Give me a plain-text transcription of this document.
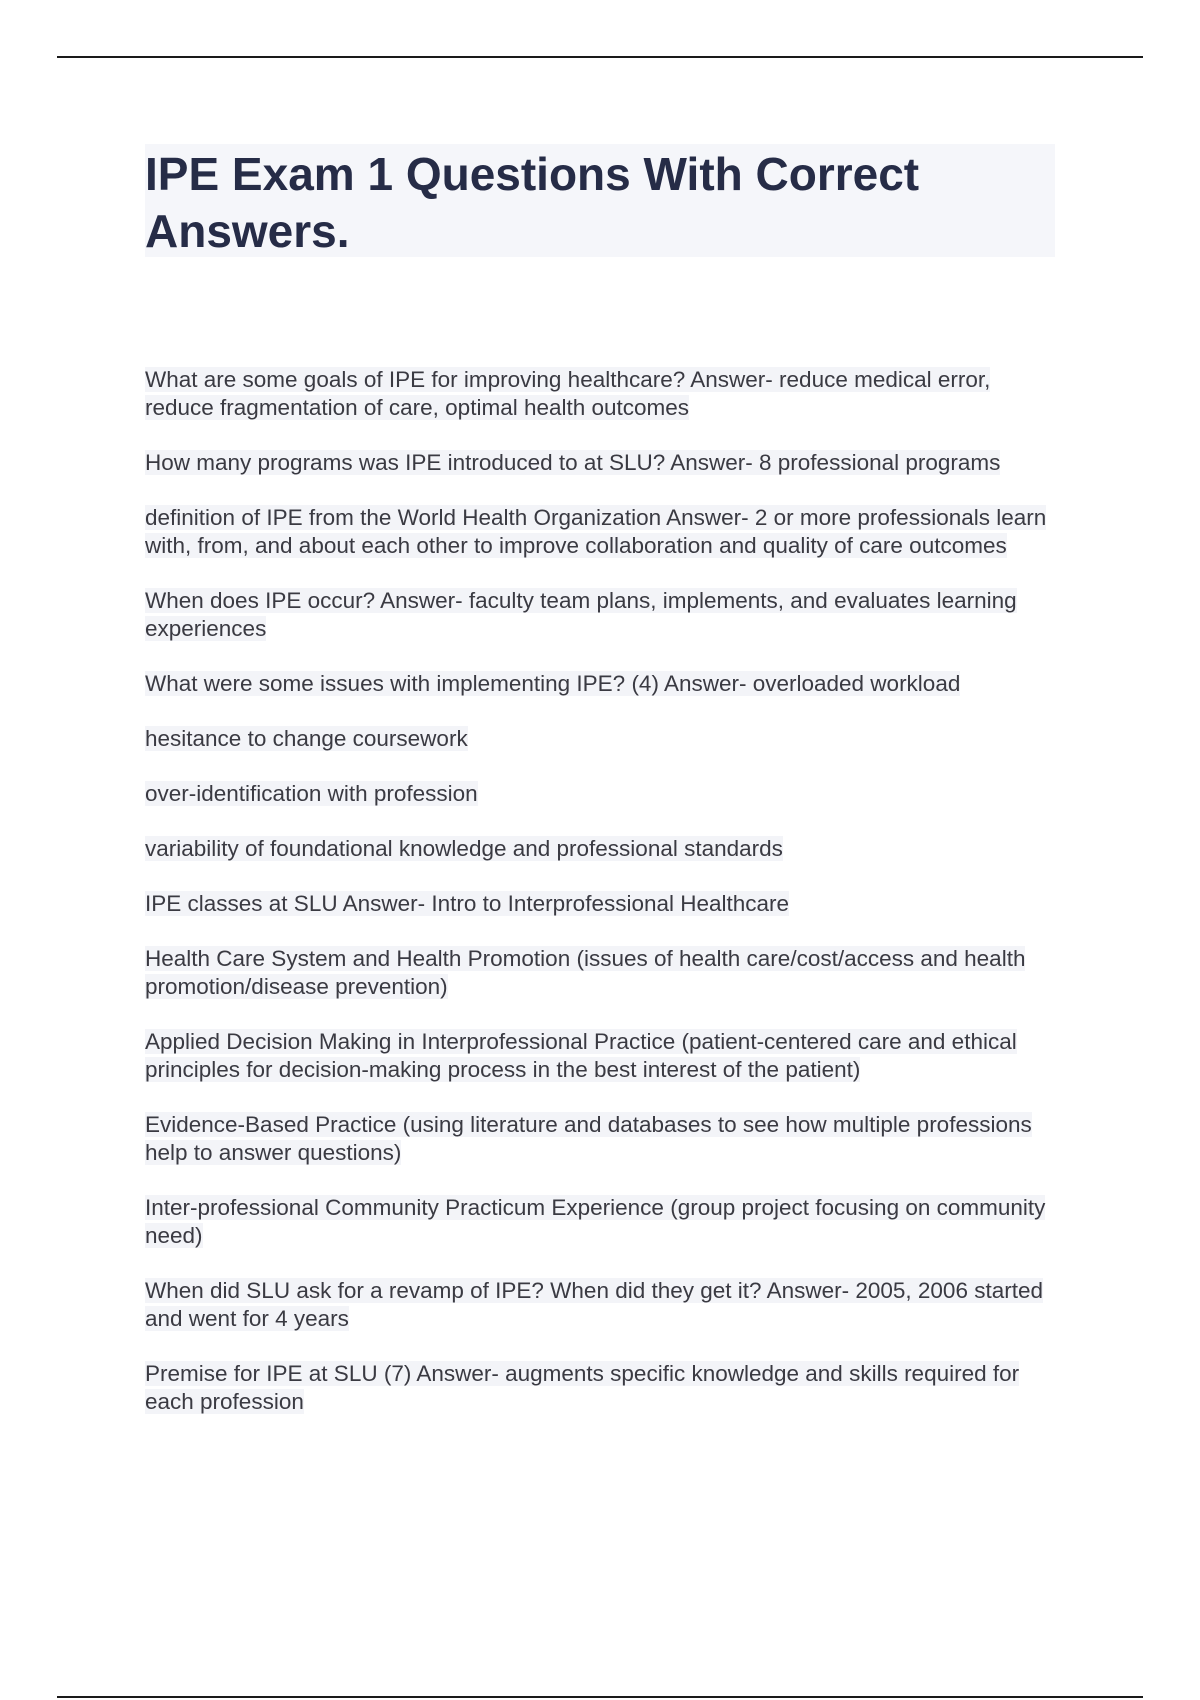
IPE Exam 1 Questions With Correct Answers.

What are some goals of IPE for improving healthcare? Answer- reduce medical error, reduce fragmentation of care, optimal health outcomes

How many programs was IPE introduced to at SLU? Answer- 8 professional programs

definition of IPE from the World Health Organization Answer- 2 or more professionals learn with, from, and about each other to improve collaboration and quality of care outcomes

When does IPE occur? Answer- faculty team plans, implements, and evaluates learning experiences

What were some issues with implementing IPE? (4) Answer- overloaded workload

hesitance to change coursework

over-identification with profession

variability of foundational knowledge and professional standards

IPE classes at SLU Answer- Intro to Interprofessional Healthcare

Health Care System and Health Promotion (issues of health care/cost/access and health promotion/disease prevention)

Applied Decision Making in Interprofessional Practice (patient-centered care and ethical principles for decision-making process in the best interest of the patient)

Evidence-Based Practice (using literature and databases to see how multiple professions help to answer questions)

Inter-professional Community Practicum Experience (group project focusing on community need)

When did SLU ask for a revamp of IPE? When did they get it? Answer- 2005, 2006 started and went for 4 years

Premise for IPE at SLU (7) Answer- augments specific knowledge and skills required for each profession
